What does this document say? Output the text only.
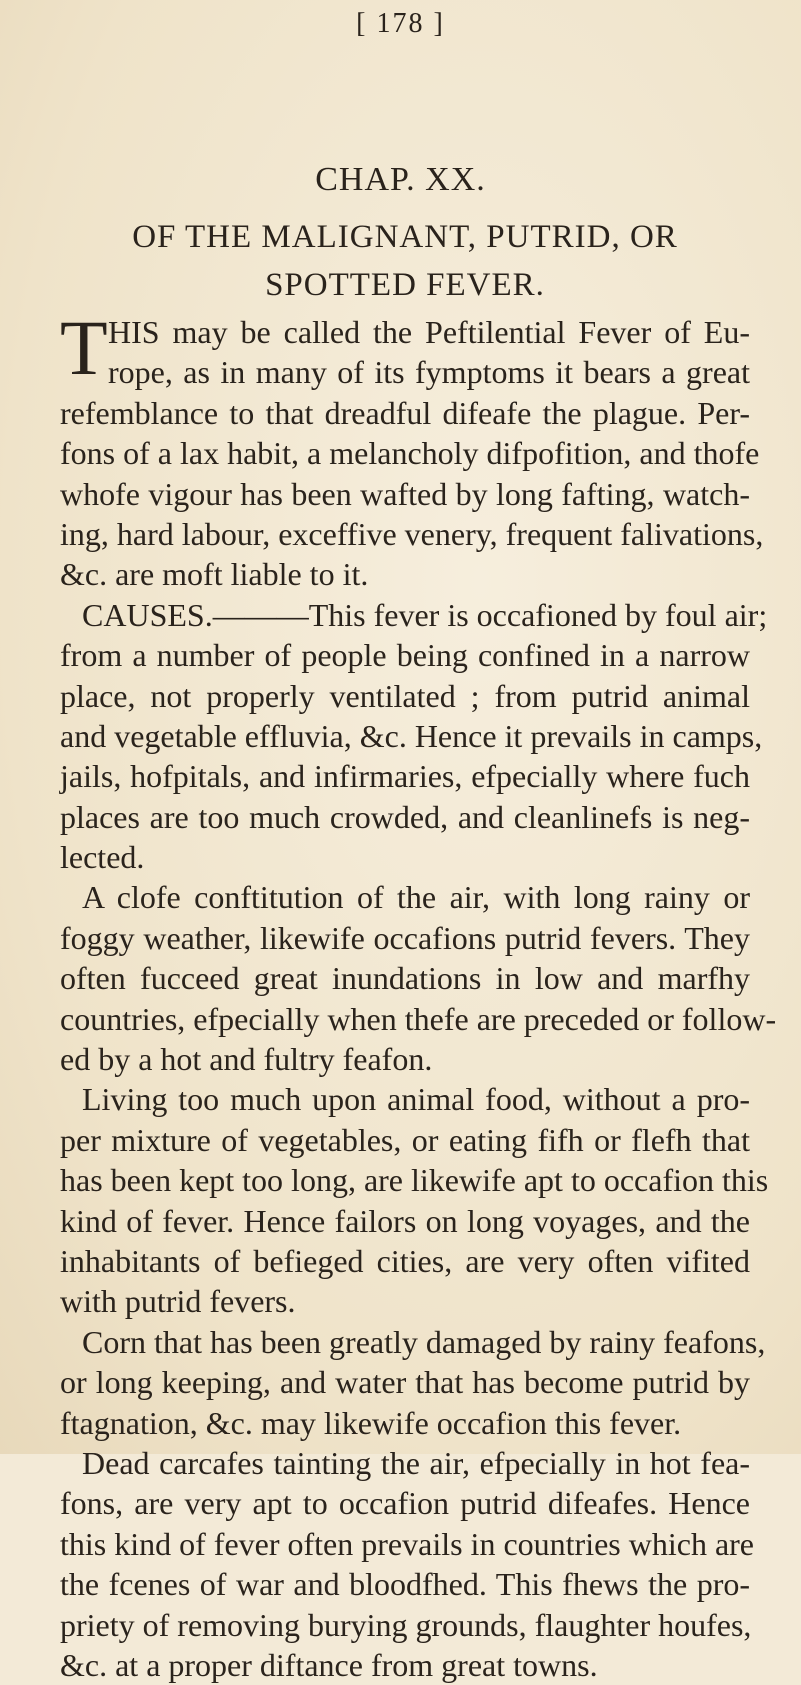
[ 178 ]
CHAP. XX.
OF THE MALIGNANT, PUTRID, OR
SPOTTED FEVER.
T HIS may be called the Peftilential Fever of Eu-
rope, as in many of its fymptoms it bears a great
refemblance to that dreadful difeafe the plague. Per-
fons of a lax habit, a melancholy difpofition, and thofe
whofe vigour has been wafted by long fafting, watch-
ing, hard labour, exceffive venery, frequent falivations,
&c. are moft liable to it.
CAUSES.———This fever is occafioned by foul air;
from a number of people being confined in a narrow
place, not properly ventilated ; from putrid animal
and vegetable effluvia, &c. Hence it prevails in camps,
jails, hofpitals, and infirmaries, efpecially where fuch
places are too much crowded, and cleanlinefs is neg-
lected.
A clofe conftitution of the air, with long rainy or
foggy weather, likewife occafions putrid fevers. They
often fucceed great inundations in low and marfhy
countries, efpecially when thefe are preceded or follow-
ed by a hot and fultry feafon.
Living too much upon animal food, without a pro-
per mixture of vegetables, or eating fifh or flefh that
has been kept too long, are likewife apt to occafion this
kind of fever. Hence failors on long voyages, and the
inhabitants of befieged cities, are very often vifited
with putrid fevers.
Corn that has been greatly damaged by rainy feafons,
or long keeping, and water that has become putrid by
ftagnation, &c. may likewife occafion this fever.
Dead carcafes tainting the air, efpecially in hot fea-
fons, are very apt to occafion putrid difeafes. Hence
this kind of fever often prevails in countries which are
the fcenes of war and bloodfhed. This fhews the pro-
priety of removing burying grounds, flaughter houfes,
&c. at a proper diftance from great towns.
